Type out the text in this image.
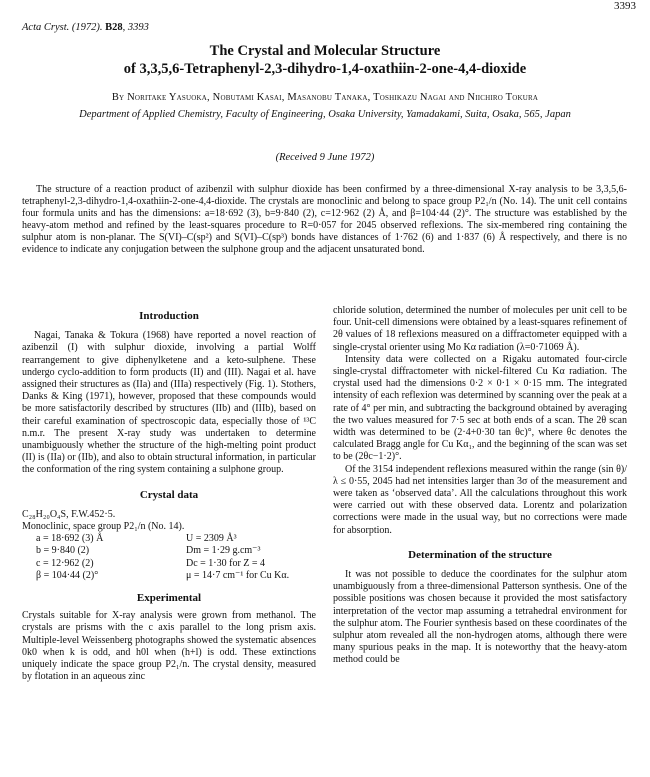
3393
Acta Cryst. (1972). B28, 3393
The Crystal and Molecular Structure
of 3,3,5,6-Tetraphenyl-2,3-dihydro-1,4-oxathiin-2-one-4,4-dioxide
By Noritake Yasuoka, Nobutami Kasai, Masanobu Tanaka, Toshikazu Nagai and Niichiro Tokura
Department of Applied Chemistry, Faculty of Engineering, Osaka University, Yamadakami, Suita, Osaka, 565, Japan
(Received 9 June 1972)
The structure of a reaction product of azibenzil with sulphur dioxide has been confirmed by a three-dimensional X-ray analysis to be 3,3,5,6-tetraphenyl-2,3-dihydro-1,4-oxathiin-2-one-4,4-dioxide. The crystals are monoclinic and belong to space group P2₁/n (No. 14). The unit cell contains four formula units and has the dimensions: a=18·692 (3), b=9·840 (2), c=12·962 (2) Å, and β=104·44 (2)°. The structure was established by the heavy-atom method and refined by the least-squares procedure to R=0·057 for 2045 observed reflexions. The six-membered ring containing the sulphur atom is non-planar. The S(VI)–C(sp²) and S(VI)–C(sp³) bonds have distances of 1·762 (6) and 1·837 (6) Å respectively, and there is no evidence to indicate any conjugation between the sulphone group and the adjacent unsaturated bond.
Introduction

Nagai, Tanaka & Tokura (1968) have reported a novel reaction of azibenzil (I) with sulphur dioxide, involving a partial Wolff rearrangement to give diphenylketene and a keto-sulphene. These undergo cyclo-addition to form products (II) and (III). Nagai et al. have assigned their structures as (IIa) and (IIIa) respectively (Fig. 1). Stothers, Danks & King (1971), however, proposed that these compounds would be more satisfactorily described by structures (IIb) and (IIIb), based on their careful examination of spectroscopic data, especially those of ¹³C n.m.r. The present X-ray study was undertaken to determine unambiguously whether the structure of the high-melting point product (II) is (IIa) or (IIb), and also to obtain structural information, in particular the conformation of the ring system containing a sulphone group.

Crystal data

C₂₈H₂₀O₄S, F.W.452·5.

Monoclinic, space group P2₁/n (No. 14).

a = 18·692 (3) Å	U = 2309 Å³
b = 9·840 (2)	Dm = 1·29 g.cm⁻³
c = 12·962 (2)	Dc = 1·30 for Z = 4
β = 104·44 (2)°	μ = 14·7 cm⁻¹ for Cu Kα.
Experimental

Crystals suitable for X-ray analysis were grown from methanol. The crystals are prisms with the c axis parallel to the long prism axis. Multiple-level Weissenberg photographs showed the systematic absences 0k0 when k is odd, and h0l when (h+l) is odd. These extinctions uniquely indicate the space group P2₁/n. The crystal density, measured by flotation in an aqueous zinc

chloride solution, determined the number of molecules per unit cell to be four. Unit-cell dimensions were obtained by a least-squares refinement of 2θ values of 18 reflexions measured on a diffractometer equipped with a single-crystal orienter using Mo Kα radiation (λ=0·71069 Å).

Intensity data were collected on a Rigaku automated four-circle single-crystal diffractometer with nickel-filtered Cu Kα radiation. The crystal used had the dimensions 0·2 × 0·1 × 0·15 mm. The integrated intensity of each reflexion was determined by scanning over the peak at a rate of 4° per min, and subtracting the background obtained by averaging the two values measured for 7·5 sec at both ends of a scan. The 2θ scan width was determined to be (2·4+0·30 tan θc)°, where θc denotes the calculated Bragg angle for Cu Kα₁, and the beginning of the scan was set to be (2θc−1·2)°.

Of the 3154 independent reflexions measured within the range (sin θ)/λ ≤ 0·55, 2045 had net intensities larger than 3σ of the measurement and were taken as ‘observed data’. All the calculations throughout this work were carried out with these observed data. Lorentz and polarization corrections were made in the usual way, but no corrections were made for absorption.

Determination of the structure

It was not possible to deduce the coordinates for the sulphur atom unambiguously from a three-dimensional Patterson synthesis. One of the possible positions was chosen because it provided the most satisfactory interpretation of the vector map assuming a tetrahedral environment for the sulphur atom. The Fourier synthesis based on these coordinates of the sulphur atom revealed all the non-hydrogen atoms, although there were many spurious peaks in the map. It is noteworthy that the heavy-atom method could be
